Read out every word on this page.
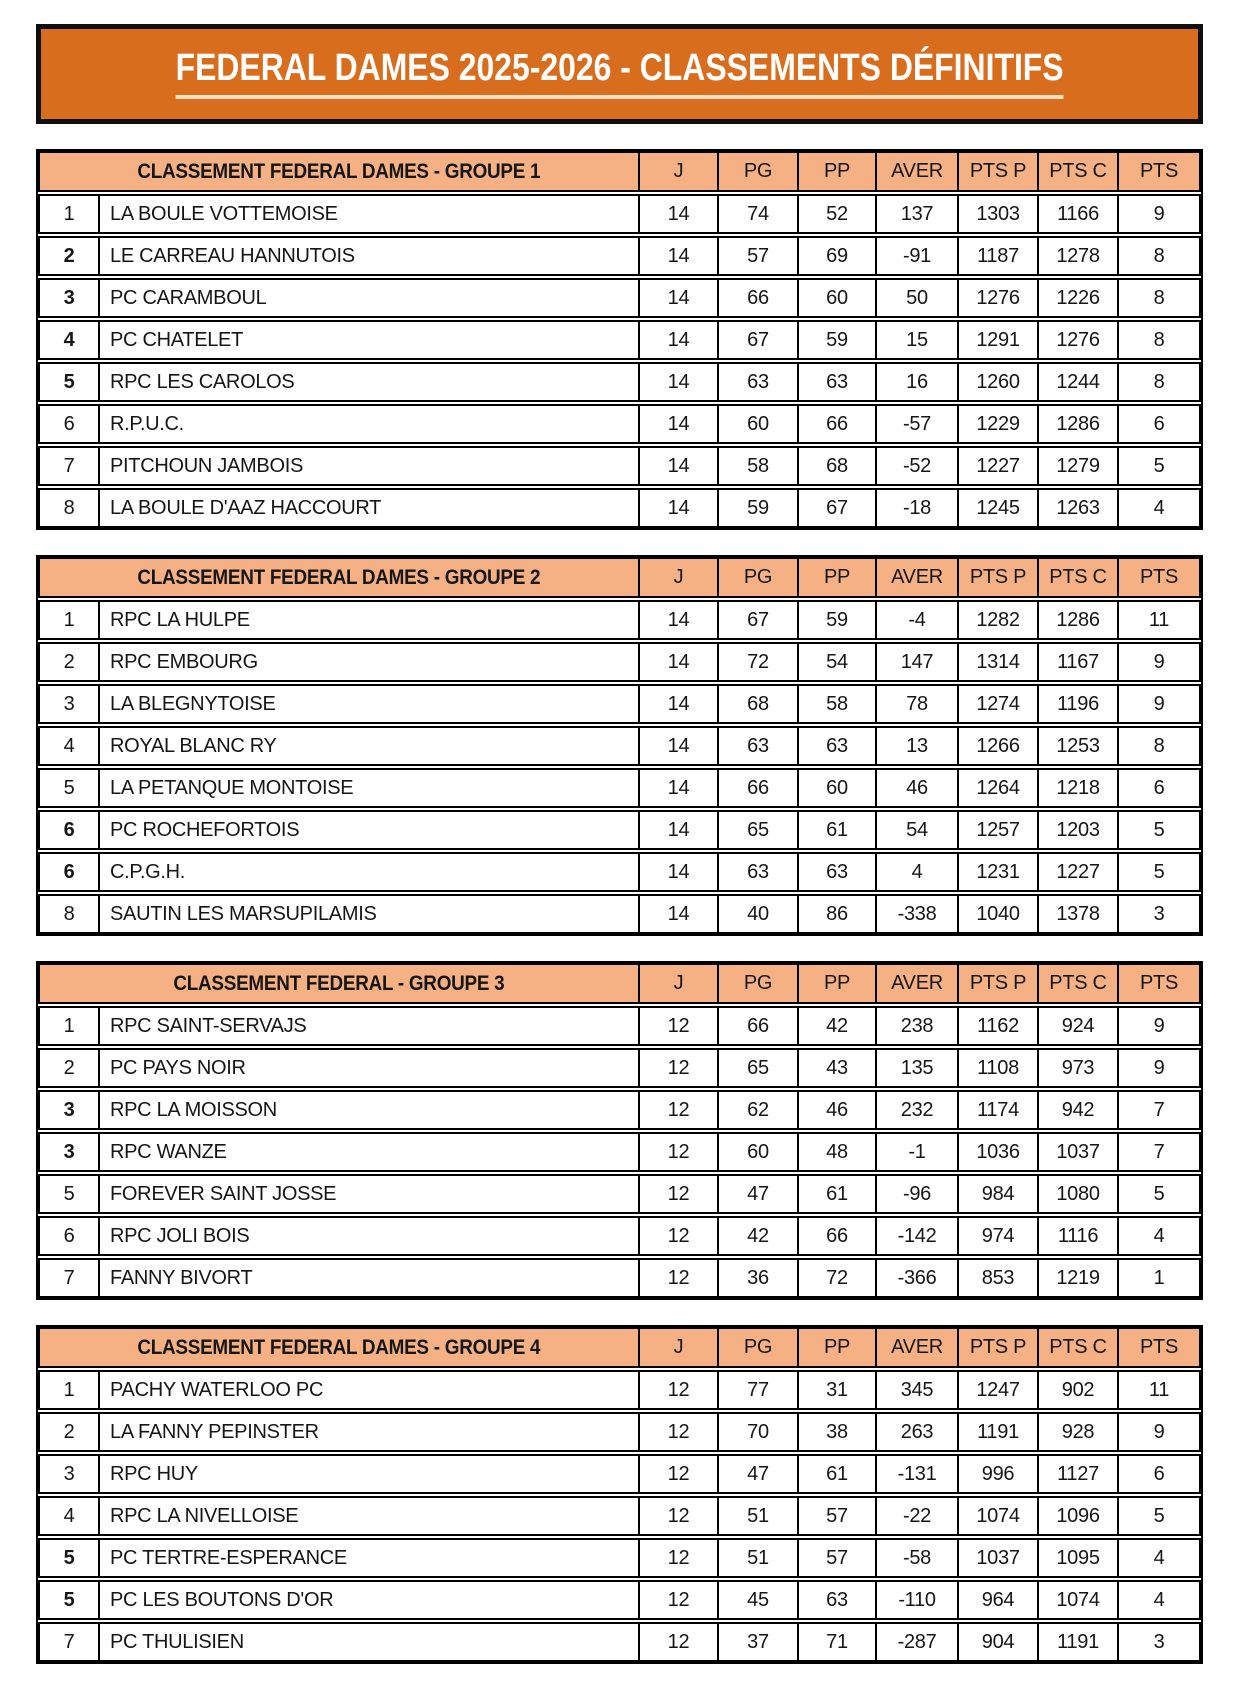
FEDERAL DAMES 2025-2026 - CLASSEMENTS DÉFINITIFS
CLASSEMENT FEDERAL DAMES - GROUPE 1	J	PG	PP	AVER	PTS P	PTS C	PTS
1	LA BOULE VOTTEMOISE	14	74	52	137	1303	1166	9
2	LE CARREAU HANNUTOIS	14	57	69	-91	1187	1278	8
3	PC CARAMBOUL	14	66	60	50	1276	1226	8
4	PC CHATELET	14	67	59	15	1291	1276	8
5	RPC LES CAROLOS	14	63	63	16	1260	1244	8
6	R.P.U.C.	14	60	66	-57	1229	1286	6
7	PITCHOUN JAMBOIS	14	58	68	-52	1227	1279	5
8	LA BOULE D'AAZ HACCOURT	14	59	67	-18	1245	1263	4
CLASSEMENT FEDERAL DAMES - GROUPE 2	J	PG	PP	AVER	PTS P	PTS C	PTS
1	RPC LA HULPE	14	67	59	-4	1282	1286	11
2	RPC EMBOURG	14	72	54	147	1314	1167	9
3	LA BLEGNYTOISE	14	68	58	78	1274	1196	9
4	ROYAL BLANC RY	14	63	63	13	1266	1253	8
5	LA PETANQUE MONTOISE	14	66	60	46	1264	1218	6
6	PC ROCHEFORTOIS	14	65	61	54	1257	1203	5
6	C.P.G.H.	14	63	63	4	1231	1227	5
8	SAUTIN LES MARSUPILAMIS	14	40	86	-338	1040	1378	3
CLASSEMENT FEDERAL - GROUPE 3	J	PG	PP	AVER	PTS P	PTS C	PTS
1	RPC SAINT-SERVAJS	12	66	42	238	1162	924	9
2	PC PAYS NOIR	12	65	43	135	1108	973	9
3	RPC LA MOISSON	12	62	46	232	1174	942	7
3	RPC WANZE	12	60	48	-1	1036	1037	7
5	FOREVER SAINT JOSSE	12	47	61	-96	984	1080	5
6	RPC JOLI BOIS	12	42	66	-142	974	1116	4
7	FANNY BIVORT	12	36	72	-366	853	1219	1
CLASSEMENT FEDERAL DAMES - GROUPE 4	J	PG	PP	AVER	PTS P	PTS C	PTS
1	PACHY WATERLOO PC	12	77	31	345	1247	902	11
2	LA FANNY PEPINSTER	12	70	38	263	1191	928	9
3	RPC HUY	12	47	61	-131	996	1127	6
4	RPC LA NIVELLOISE	12	51	57	-22	1074	1096	5
5	PC TERTRE-ESPERANCE	12	51	57	-58	1037	1095	4
5	PC LES BOUTONS D'OR	12	45	63	-110	964	1074	4
7	PC THULISIEN	12	37	71	-287	904	1191	3
